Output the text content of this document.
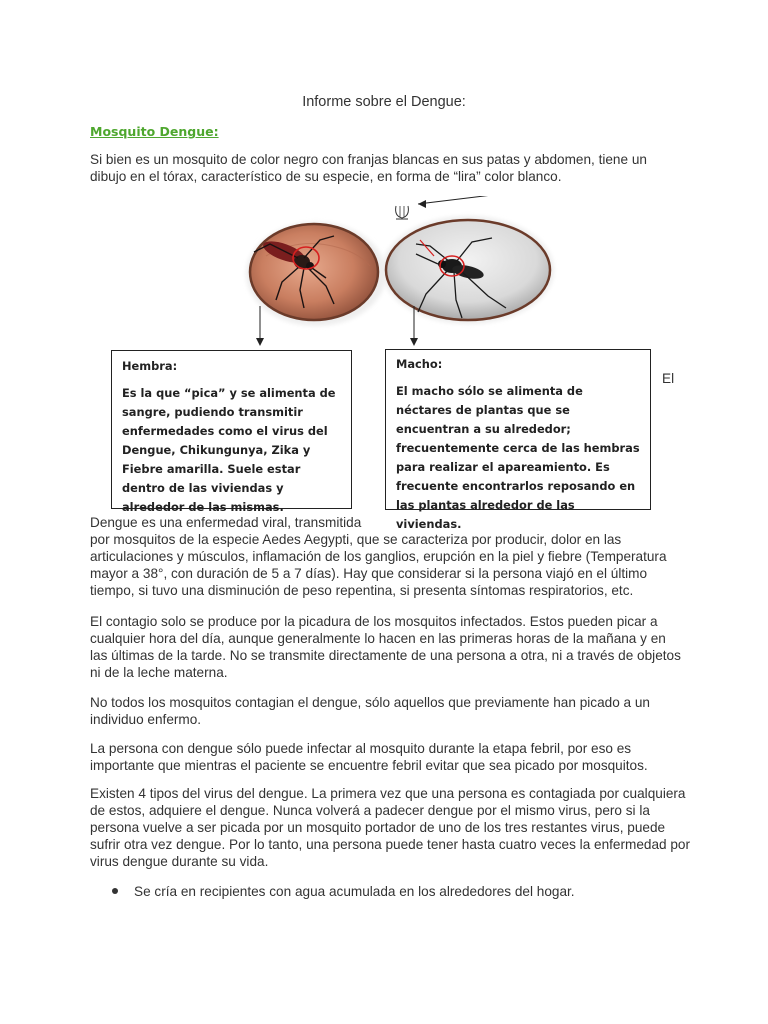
Informe sobre el Dengue:
Mosquito Dengue:
Si bien es un mosquito de color negro con franjas blancas en sus patas y abdomen, tiene un dibujo en el tórax, característico de su especie, en forma de “lira” color blanco.
Hembra:
Es la que “pica” y se alimenta de sangre, pudiendo transmitir enfermedades como el virus del Dengue, Chikungunya, Zika y Fiebre amarilla. Suele estar dentro de las viviendas y alrededor de las mismas.
Macho:
El macho sólo se alimenta de néctares de plantas que se encuentran a su alrededor; frecuentemente cerca de las hembras para realizar el apareamiento. Es frecuente encontrarlos reposando en las plantas alrededor de las viviendas.
El
Dengue es una enfermedad viral, transmitida
por mosquitos de la especie Aedes Aegypti, que se caracteriza por producir, dolor en las articulaciones y músculos, inflamación de los ganglios, erupción en la piel y fiebre (Temperatura mayor a 38°, con duración de 5 a 7 días). Hay que considerar si la persona viajó en el último tiempo, si tuvo una disminución de peso repentina, si presenta síntomas respiratorios, etc.
El contagio solo se produce por la picadura de los mosquitos infectados. Estos pueden picar a cualquier hora del día, aunque generalmente lo hacen en las primeras horas de la mañana y en las últimas de la tarde. No se transmite directamente de una persona a otra, ni a través de objetos ni de la leche materna.
No todos los mosquitos contagian el dengue, sólo aquellos que previamente han picado a un individuo enfermo.
La persona con dengue sólo puede infectar al mosquito durante la etapa febril, por eso es importante que mientras el paciente se encuentre febril evitar que sea picado por mosquitos.
Existen 4 tipos del virus del dengue. La primera vez que una persona es contagiada por cualquiera de estos, adquiere el dengue. Nunca volverá a padecer dengue por el mismo virus, pero si la persona vuelve a ser picada por un mosquito portador de uno de los tres restantes virus, puede sufrir otra vez dengue. Por lo tanto, una persona puede tener hasta cuatro veces la enfermedad por virus dengue durante su vida.
Se cría en recipientes con agua acumulada en los alrededores del hogar.
